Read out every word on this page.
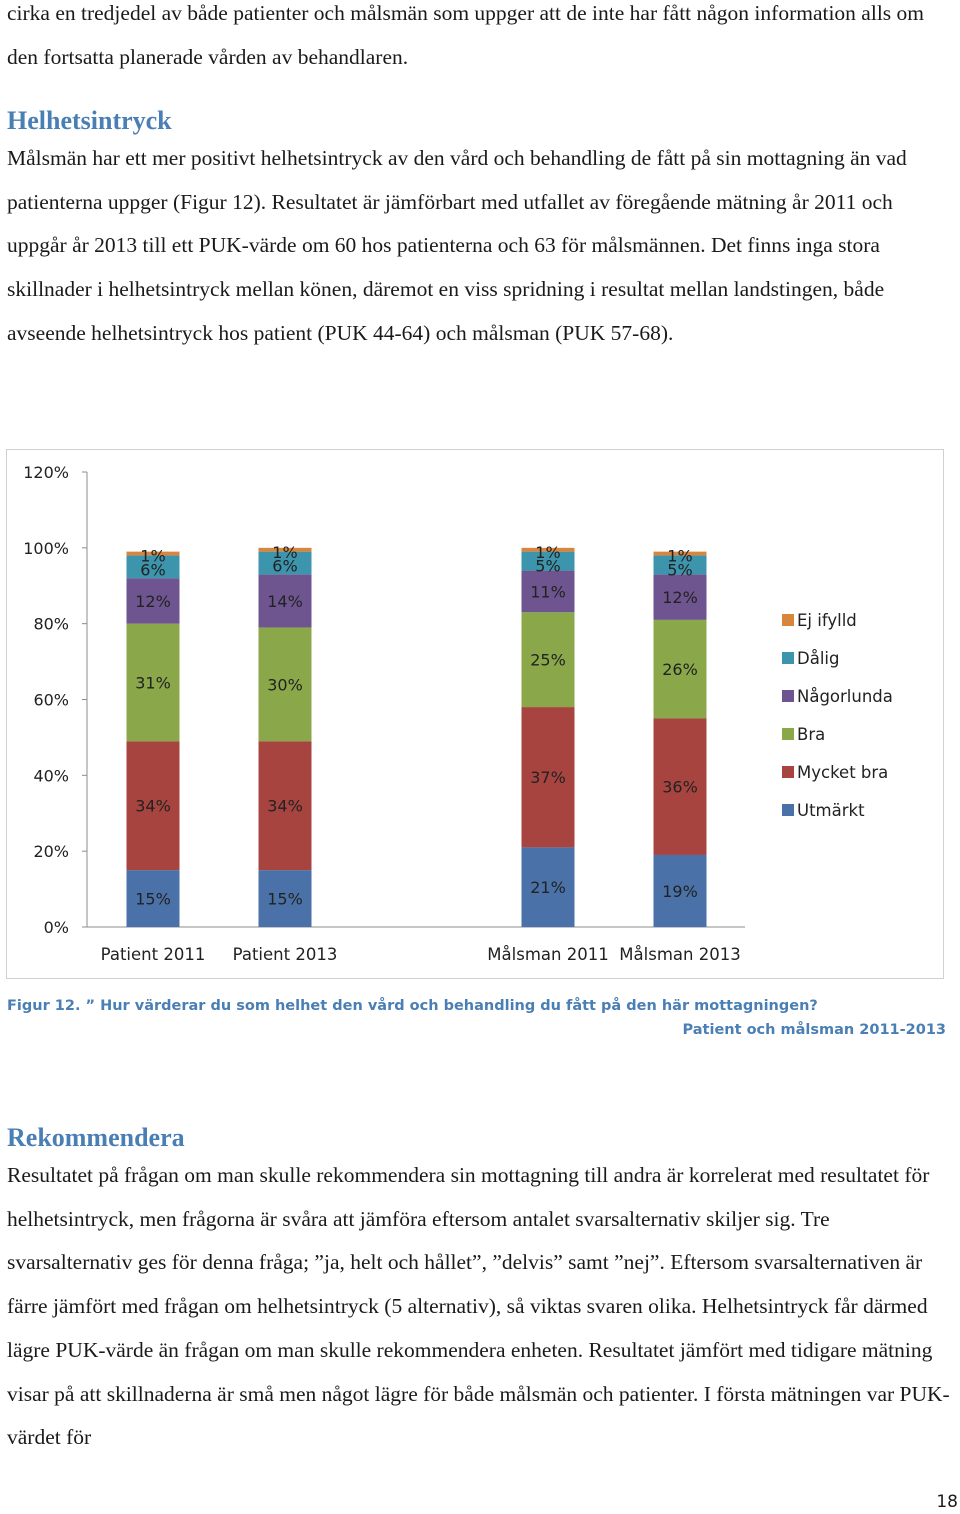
cirka en tredjedel av både patienter och målsmän som uppger att de inte har fått någon information alls om den fortsatta planerade vården av behandlaren.

Helhetsintryck

Målsmän har ett mer positivt helhetsintryck av den vård och behandling de fått på sin mottagning än vad patienterna uppger (Figur 12). Resultatet är jämförbart med utfallet av föregående mätning år 2011 och uppgår år 2013 till ett PUK-värde om 60 hos patienterna och 63 för målsmännen. Det finns inga stora skillnader i helhetsintryck mellan könen, däremot en viss spridning i resultat mellan landstingen, både avseende helhetsintryck hos patient (PUK 44-64) och målsman (PUK 57-68).

0%
20%
40%
60%
80%
100%
120%
15%
34%
31%
12%
6%
1%
Patient 2011
15%
34%
30%
14%
6%
1%
Patient 2013
21%
37%
25%
11%
5%
1%
Målsman 2011
19%
36%
26%
12%
5%
1%
Målsman 2013
Ej ifylld
Dålig
Någorlunda
Bra
Mycket bra
Utmärkt
Figur 12. ” Hur värderar du som helhet den vård och behandling du fått på den här mottagningen?
Patient och målsman 2011-2013
Rekommendera

Resultatet på frågan om man skulle rekommendera sin mottagning till andra är korrelerat med resultatet för helhetsintryck, men frågorna är svåra att jämföra eftersom antalet svarsalternativ skiljer sig. Tre svarsalternativ ges för denna fråga; ”ja, helt och hållet”, ”delvis” samt ”nej”. Eftersom svarsalternativen är färre jämfört med frågan om helhetsintryck (5 alternativ), så viktas svaren olika. Helhetsintryck får därmed lägre PUK-värde än frågan om man skulle rekommendera enheten. Resultatet jämfört med tidigare mätning visar på att skillnaderna är små men något lägre för både målsmän och patienter. I första mätningen var PUK-värdet för

18
